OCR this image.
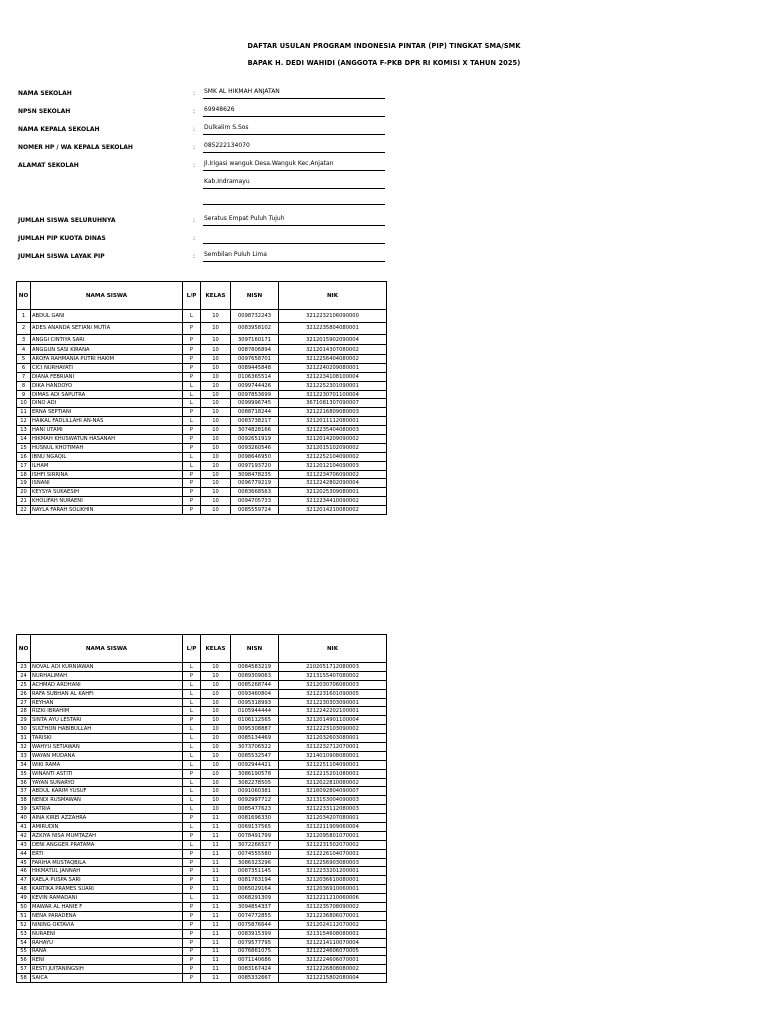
DAFTAR USULAN PROGRAM INDONESIA PINTAR (PIP) TINGKAT SMA/SMK
BAPAK H. DEDI WAHIDI (ANGGOTA F-PKB DPR RI KOMISI X TAHUN 2025)
NAMA SEKOLAH	: SMK AL HIKMAH ANJATAN
NPSN SEKOLAH	: 69948626
NAMA KEPALA SEKOLAH	: Dulkalim S.Sos
NOMER HP / WA KEPALA SEKOLAH	: 085222134070
ALAMAT SEKOLAH	: Jl.Irigasi wanguk Desa.Wanguk Kec.Anjatan
Kab.Indramayu
JUMLAH SISWA SELURUHNYA	: Seratus Empat Puluh Tujuh
JUMLAH PIP KUOTA DINAS	:
JUMLAH SISWA LAYAK PIP	: Sembilan Puluh Lima
NO	NAMA SISWA	L/P	KELAS	NISN	NIK
1	ABDUL GANI	L	10	0098732243	3212232106090000
2	ADES ANANDA SETIANI MUTIA	P	10	0083958102	3212235804080001
3	ANGGI CINTIYA SARI	P	10	3097160171	3212015902090004
4	ANGGUN SASI KIRANA	P	10	0087806894	3212014307080002
5	AROFA RAHMANIA PUTRI HAKIM	P	10	0097658701	3212256404080002
6	CICI NURHAYATI	P	10	0089445848	3212240209080001
7	DIANA FEBRIANI	P	10	0106365514	3212234108100004
8	DIKA HANDOYO	L	10	0099744426	3212252301090001
9	DIMAS ADI SAPUTRA	L	10	0097853699	3212230701100004
10	DINO ADI	L	10	0099996745	3671081307090007
11	ERNA SEPTIANI	P	10	0088718244	3212216809080003
12	HAIKAL FADLILLAHI AN-NAS	L	10	0083738217	3212011112080001
13	HANI UTAMI	P	10	3074828166	3212235404080003
14	HIKMAH KHUSWATUN HASANAH	P	10	0092651919	3212014209090002
15	HUSNUL KHOTIMAH	P	10	0093260546	3212015102090002
16	IBNU NGAQIL	L	10	0098646950	3212252104090002
17	ILHAM	L	10	0097193720	3212012104090003
18	ISHFI SIRRINA	P	10	3098478235	3212234706090002
19	ISNANI	P	10	0096779219	3212242802090004
20	KEYSYA SUKAESIH	P	10	0083668563	3212025309080001
21	KHOLIFAH NURAENI	P	10	0094705733	3212234410090002
22	NAYLA FARAH SOLIKHIN	P	10	0085559724	3212014210080002
NO	NAMA SISWA	L/P	KELAS	NISN	NIK
23	NOVAL ADI KURNIAWAN	L	10	0084583219	2102051712080003
24	NURHALIMAH	P	10	0089309063	3213155407080002
25	ACHMAD ARDHANI	L	10	0085268744	3212030706080003
26	RAFA SUBHAN AL KAHFI	L	10	0093460804	3212231601090005
27	REYHAN	L	10	0095318993	3212230303090001
28	RIZKI IBRAHIM	L	10	0105944444	3212242202100001
29	SINTA AYU LESTARI	P	10	0106112565	3212014901100004
30	SULTHON HABIBULLAH	L	10	0095308887	3212223103090002
31	TARISKI	L	10	0085134469	3212032603080001
32	WAHYU SETIAWAN	L	10	3073706522	3212232712070001
33	WAYAN MUDANA	L	10	0085532547	3214010908080001
34	WIKI RAMA	L	10	0092944421	3212251104090001
35	WINANTI ASTITI	P	10	3086190578	3212215201080001
36	YAYAN SUNARYO	L	10	3082278505	3212022810080002
37	ABDUL KARIM YUSUF	L	10	0091060381	3216092804090007
38	NENDI RUSMAWAN	L	10	0092997712	3213153004090003
39	SATRIA	L	10	0085477623	3212233112080003
40	AINA KIREI AZZAHRA	P	11	0081696330	3212034207080001
41	AMIRUDIN	L	11	0069137565	3212211909060004
42	AZKIYA NISA MUMTAZAH	P	11	0078491799	3212095801070001
43	DENI ANGGER PRATAMA	L	11	3072266527	3212231502070002
44	ERTI	P	11	0074555580	3212226104070001
45	FARIHA MUSTAQBILA	P	11	3086323296	3212256903080003
46	HIKMATUL JANNAH	P	11	0087351145	3212233201200001
47	KAELA PUSPA SARI	P	11	0081763194	3212036610080001
48	KARTIKA PRAMES SUARI	P	11	0065029164	3212036910060001
49	KEVIN RAMADANI	L	11	0068291309	3212211210060006
50	MAWAR AL HANIE F	P	11	3094854337	3212235708090002
51	NENA PARADENA	P	11	0074772855	3212236806070001
52	NINING OKTAVIA	P	11	0075876644	3212024112070002
53	NURAENI	P	11	0083915399	3213154608080001
54	RAHAYU	P	11	0079577795	3212214110070004
55	RANA	P	11	0076861075	3212224606070005
56	RENI	P	11	0071140686	3212224606070001
57	RESTI JUITANINGSIH	P	11	0083167424	3212226808080002
58	SAICA	P	11	0085332667	3212215802080004
